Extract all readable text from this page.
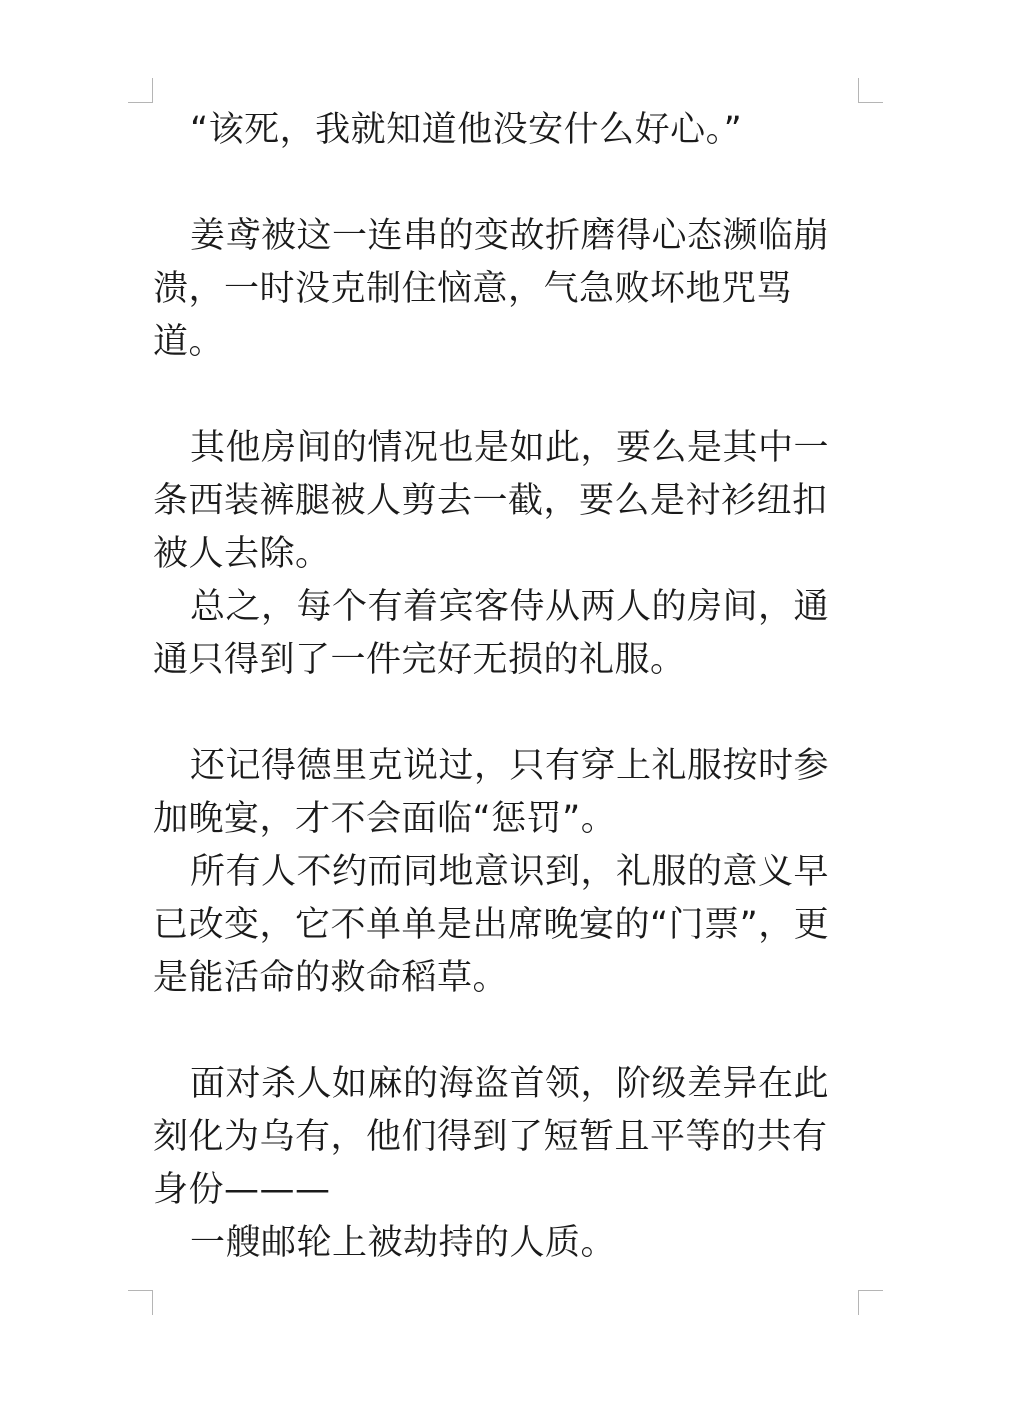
“该死，我就知道他没安什么好心。”

姜鸢被这一连串的变故折磨得心态濒临崩溃，一时没克制住恼意，气急败坏地咒骂道。

其他房间的情况也是如此，要么是其中一条西装裤腿被人剪去一截，要么是衬衫纽扣被人去除。

总之，每个有着宾客侍从两人的房间，通通只得到了一件完好无损的礼服。

还记得德里克说过，只有穿上礼服按时参加晚宴，才不会面临“惩罚”。

所有人不约而同地意识到，礼服的意义早已改变，它不单单是出席晚宴的“门票”，更是能活命的救命稻草。

面对杀人如麻的海盗首领，阶级差异在此刻化为乌有，他们得到了短暂且平等的共有身份———

一艘邮轮上被劫持的人质。
